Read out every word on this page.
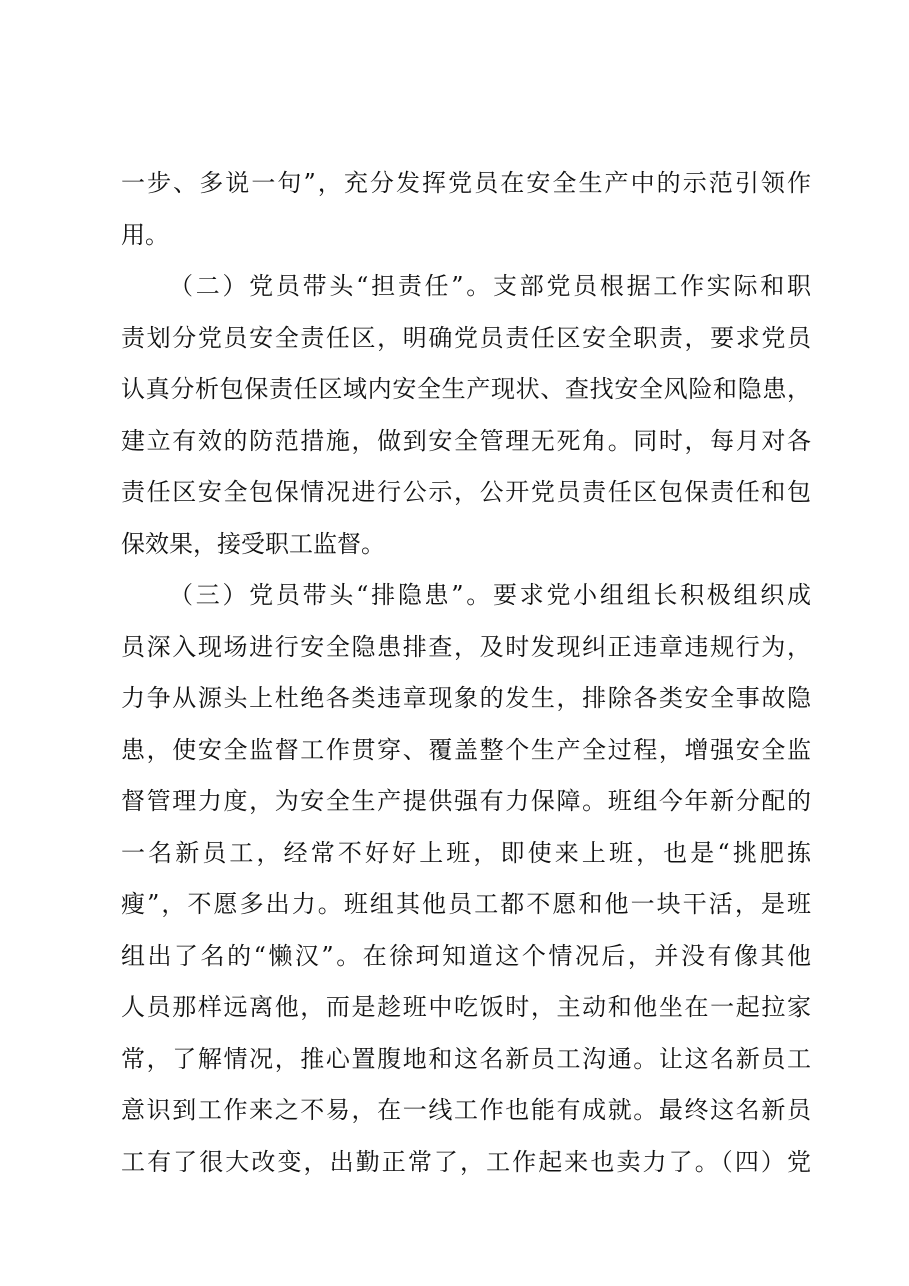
一步、多说一句”，充分发挥党员在安全生产中的示范引领作
用。
（二）党员带头“担责任”。支部党员根据工作实际和职
责划分党员安全责任区，明确党员责任区安全职责，要求党员
认真分析包保责任区域内安全生产现状、查找安全风险和隐患，
建立有效的防范措施，做到安全管理无死角。同时，每月对各
责任区安全包保情况进行公示，公开党员责任区包保责任和包
保效果，接受职工监督。
（三）党员带头“排隐患”。要求党小组组长积极组织成
员深入现场进行安全隐患排查，及时发现纠正违章违规行为，
力争从源头上杜绝各类违章现象的发生，排除各类安全事故隐
患，使安全监督工作贯穿、覆盖整个生产全过程，增强安全监
督管理力度，为安全生产提供强有力保障。班组今年新分配的
一名新员工，经常不好好上班，即使来上班，也是“挑肥拣
瘦”，不愿多出力。班组其他员工都不愿和他一块干活，是班
组出了名的“懒汉”。在徐珂知道这个情况后，并没有像其他
人员那样远离他，而是趁班中吃饭时，主动和他坐在一起拉家
常，了解情况，推心置腹地和这名新员工沟通。让这名新员工
意识到工作来之不易，在一线工作也能有成就。最终这名新员
工有了很大改变，出勤正常了，工作起来也卖力了。（四）党
